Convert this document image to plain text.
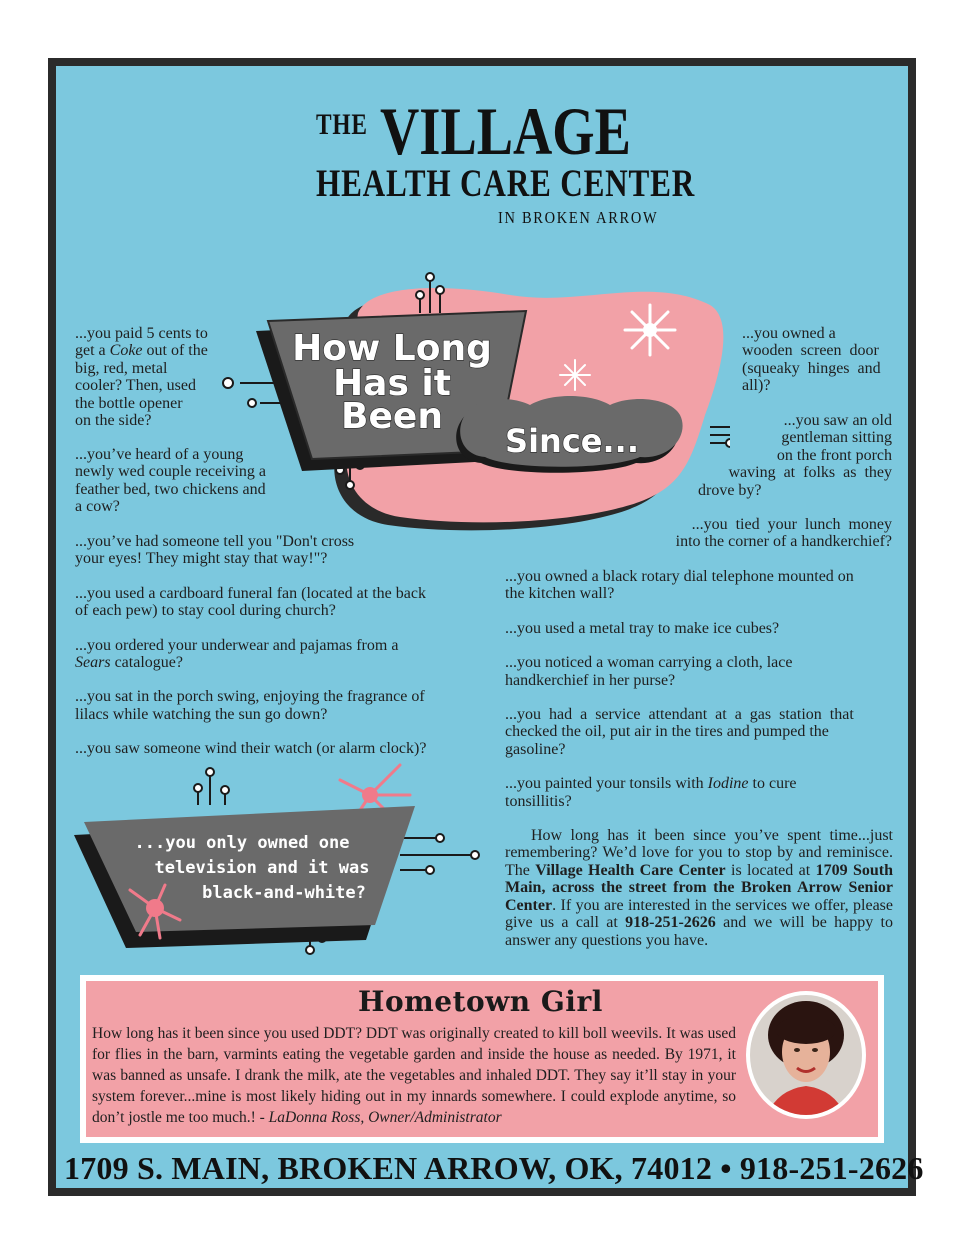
THE VILLAGE
HEALTH CARE CENTER
IN BROKEN ARROW
How Long
Has it
Been
Since...
...you paid 5 cents to
get a Coke out of the
big, red, metal
cooler? Then, used
the bottle opener
on the side?
...you’ve heard of a young
newly wed couple receiving a
feather bed, two chickens and
a cow?
...you’ve had someone tell you "Don't cross
your eyes! They might stay that way!"?
...you used a cardboard funeral fan (located at the back
of each pew) to stay cool during church?
...you ordered your underwear and pajamas from a
Sears catalogue?
...you sat in the porch swing, enjoying the fragrance of
lilacs while watching the sun go down?
...you saw someone wind their watch (or alarm clock)?
...you owned a
wooden  screen  door
(squeaky  hinges  and
all)?
...you saw an old
gentleman sitting
on the front porch
waving  at  folks  as  they
drove by?
...you  tied  your  lunch  money
into the corner of a handkerchief?
...you owned a black rotary dial telephone mounted on
the kitchen wall?
...you used a metal tray to make ice cubes?
...you noticed a woman carrying a cloth, lace
handkerchief in her purse?
...you  had  a  service  attendant  at  a  gas  station  that
checked the oil, put air in the tires and pumped the
gasoline?
...you painted your tonsils with Iodine to cure
tonsillitis?
How long has it been since you’ve spent time...just remembering? We’d love for you to stop by and reminisce. The Village Health Care Center is located at 1709 South Main, across the street from the Broken Arrow Senior Center. If you are interested in the services we offer, please give us a call at 918-251-2626 and we will be happy to answer any questions you have.
...you only owned one
television and it was
black-and-white?
Hometown Girl
How long has it been since you used DDT? DDT was originally created to kill boll weevils. It was used for flies in the barn, varmints eating the vegetable garden and inside the house as needed. By 1971, it was banned as unsafe. I drank the milk, ate the vegetables and inhaled DDT. They say it’ll stay in your system forever...mine is most likely hiding out in my innards somewhere. I could explode anytime, so don’t jostle me too much.! - LaDonna Ross, Owner/Administrator
1709 S. MAIN, BROKEN ARROW, OK, 74012 • 918-251-2626
